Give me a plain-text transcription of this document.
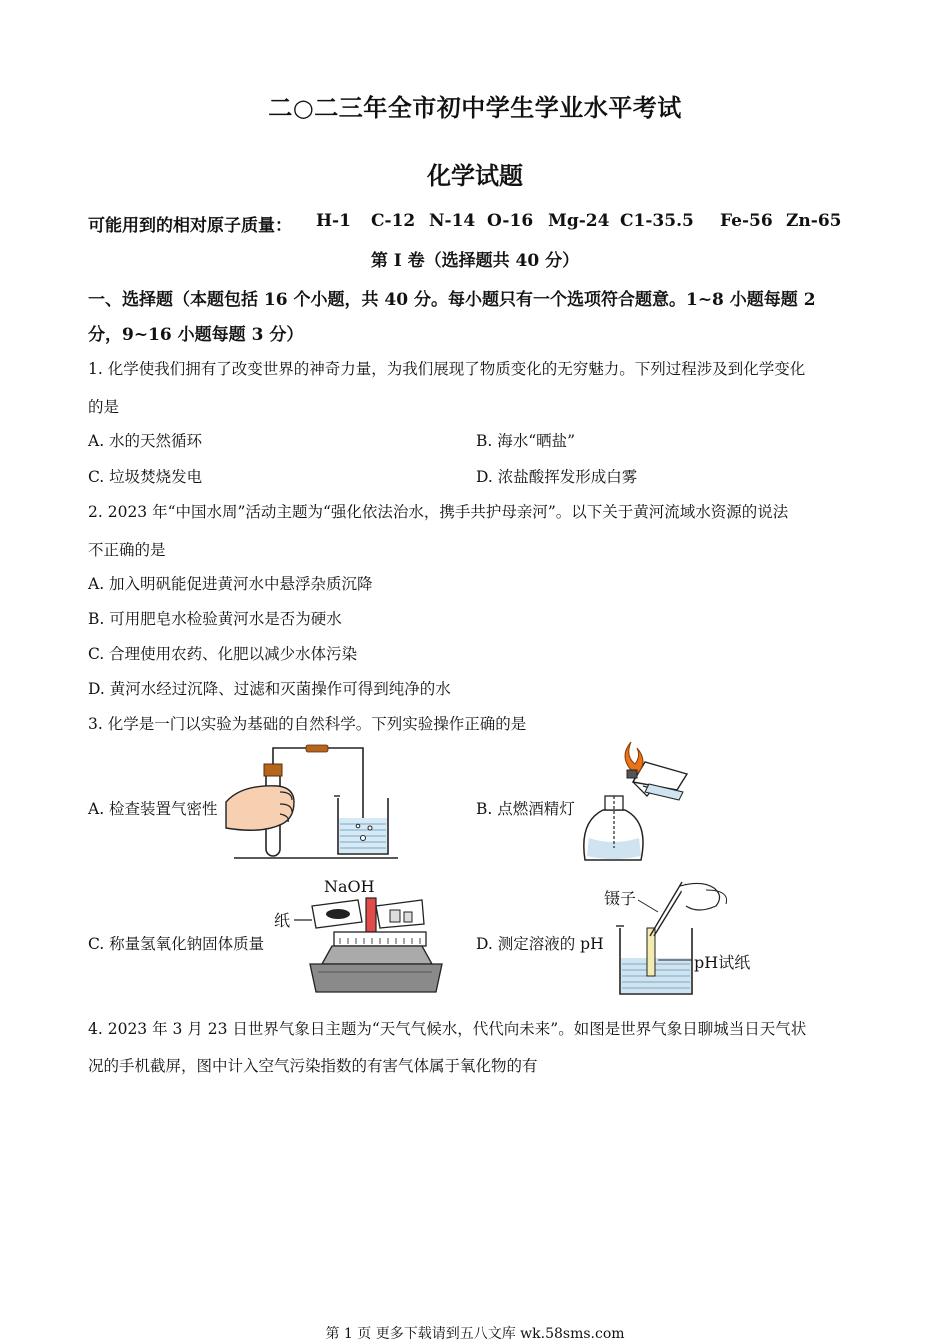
二○二三年全市初中学生学业水平考试
化学试题
可能用到的相对原子质量： H-1 C-12 N-14 O-16 Mg-24 C1-35.5 Fe-56 Zn-65
第 I 卷（选择题共 40 分）
一、选择题（本题包括 16 个小题，共 40 分。每小题只有一个选项符合题意。1~8 小题每题 2
分，9~16 小题每题 3 分）
1. 化学使我们拥有了改变世界的神奇力量，为我们展现了物质变化的无穷魅力。下列过程涉及到化学变化
的是
A. 水的天然循环	B. 海水“晒盐”
C. 垃圾焚烧发电	D. 浓盐酸挥发形成白雾
2. 2023 年“中国水周”活动主题为“强化依法治水，携手共护母亲河”。以下关于黄河流域水资源的说法
不正确的是
A. 加入明矾能促进黄河水中悬浮杂质沉降
B. 可用肥皂水检验黄河水是否为硬水
C. 合理使用农药、化肥以减少水体污染
D. 黄河水经过沉降、过滤和灭菌操作可得到纯净的水
3. 化学是一门以实验为基础的自然科学。下列实验操作正确的是
A. 检查装置气密性	B. 点燃酒精灯
C. 称量氢氧化钠固体质量	D. 测定溶液的 pH
NaOH
纸
镊子
pH试纸
4. 2023 年 3 月 23 日世界气象日主题为“天气气候水，代代向未来”。如图是世界气象日聊城当日天气状
况的手机截屏，图中计入空气污染指数的有害气体属于氧化物的有
第 1 页 更多下载请到五八文库 wk.58sms.com
